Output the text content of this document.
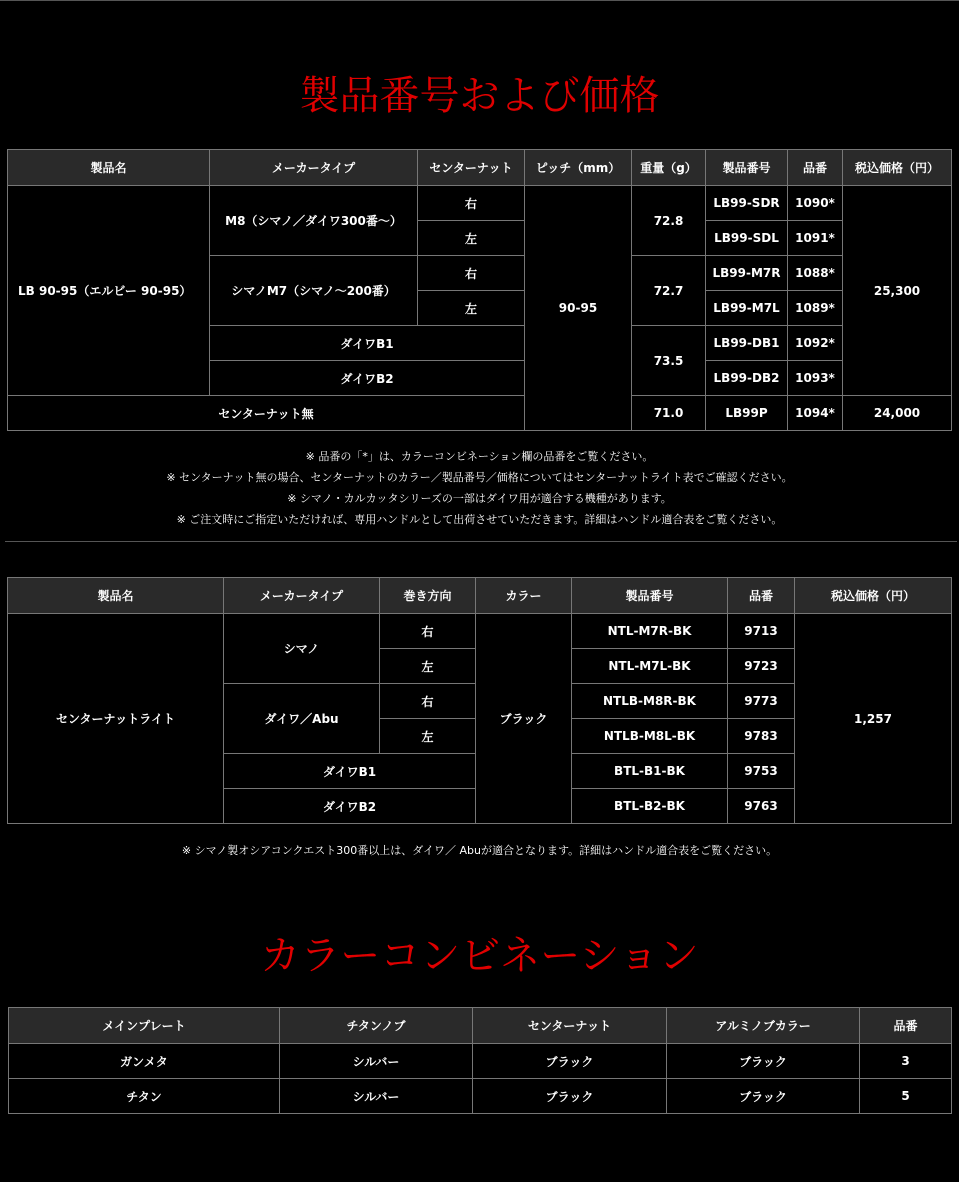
製品番号および価格
製品名	メーカータイプ	センターナット	ピッチ（mm）	重量（g）	製品番号	品番	税込価格（円）
LB 90-95（エルビー 90-95）	M8（シマノ／ダイワ300番〜）	右	90-95	72.8	LB99-SDR	1090*	25,300
		左			LB99-SDL	1091*	
	シマノM7（シマノ〜200番）	右		72.7	LB99-M7R	1088*	
		左			LB99-M7L	1089*	
	ダイワB1			73.5	LB99-DB1	1092*	
	ダイワB2				LB99-DB2	1093*	
センターナット無				71.0	LB99P	1094*	24,000
※ 品番の「*」は、カラーコンビネーション欄の品番をご覧ください。
※ センターナット無の場合、センターナットのカラー／製品番号／価格についてはセンターナットライト表でご確認ください。
※ シマノ・カルカッタシリーズの一部はダイワ用が適合する機種があります。
※ ご注文時にご指定いただければ、専用ハンドルとして出荷させていただきます。詳細はハンドル適合表をご覧ください。
製品名	メーカータイプ	巻き方向	カラー	製品番号	品番	税込価格（円）
センターナットライト	シマノ	右	ブラック	NTL-M7R-BK	9713	1,257
		左		NTL-M7L-BK	9723	
	ダイワ／Abu	右		NTLB-M8R-BK	9773	
		左		NTLB-M8L-BK	9783	
	ダイワB1			BTL-B1-BK	9753	
	ダイワB2			BTL-B2-BK	9763	
※ シマノ製オシアコンクエスト300番以上は、ダイワ／ Abuが適合となります。詳細はハンドル適合表をご覧ください。
カラーコンビネーション
メインプレート	チタンノブ	センターナット	アルミノブカラー	品番
ガンメタ	シルバー	ブラック	ブラック	3
チタン	シルバー	ブラック	ブラック	5
